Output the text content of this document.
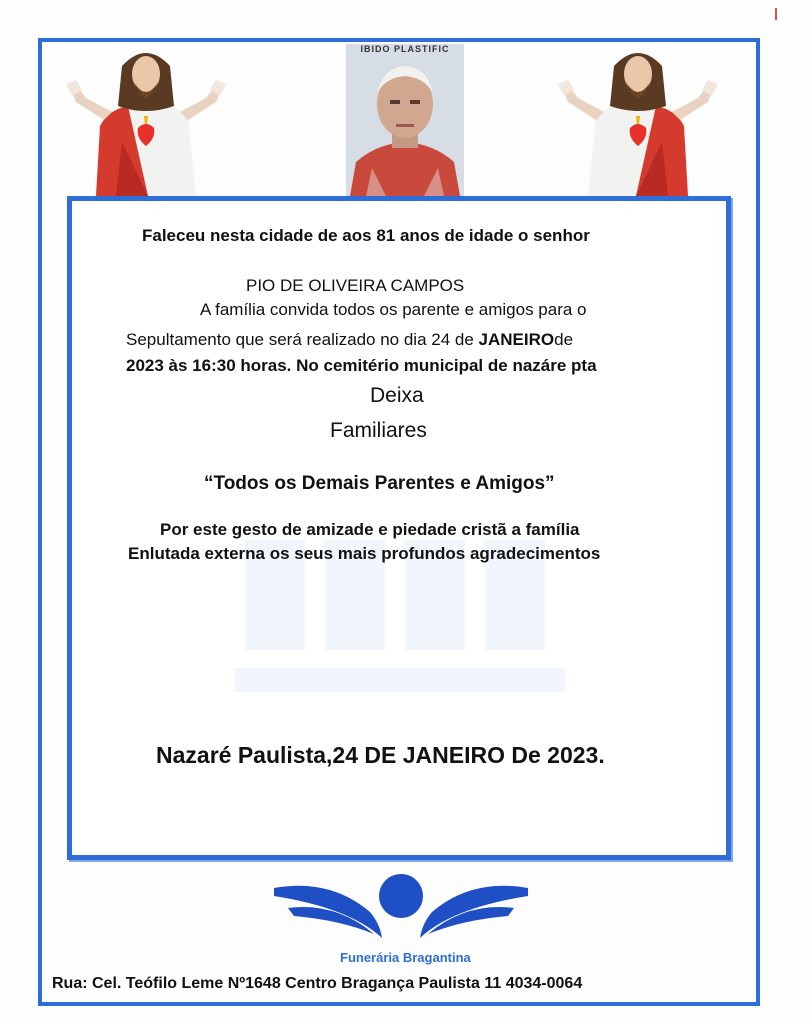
IBIDO PLASTIFIC
Faleceu nesta cidade de aos 81 anos de idade o senhor
PIO DE OLIVEIRA CAMPOS
A família convida todos os parente e amigos para o
Sepultamento que será realizado no dia 24 de JANEIROde
2023 às 16:30 horas. No cemitério municipal de nazáre pta
Deixa
Familiares
“Todos os Demais Parentes e Amigos”
Por este gesto de amizade e piedade cristã a família
Enlutada externa os seus mais profundos agradecimentos
Nazaré Paulista,24 DE JANEIRO De 2023.
Funerária Bragantina
Rua: Cel. Teófilo Leme Nº1648 Centro Bragança Paulista 11 4034-0064
